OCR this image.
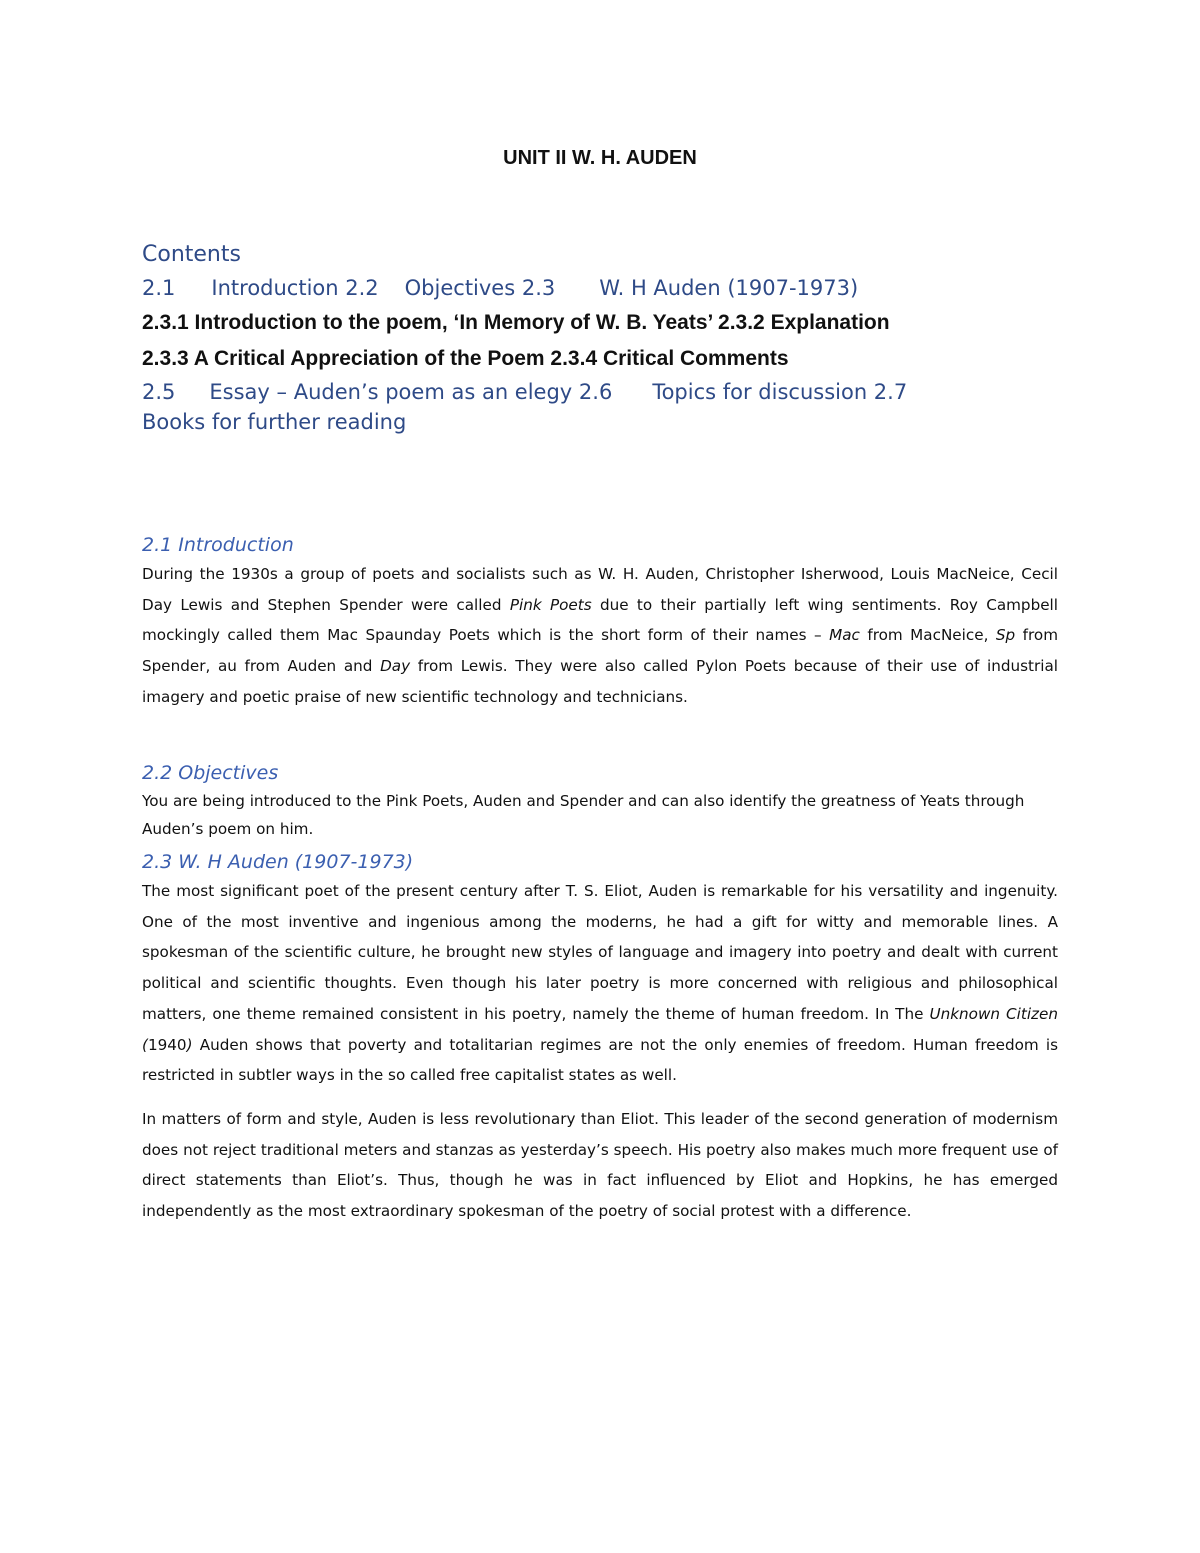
UNIT II W. H. AUDEN
Contents
2.1 Introduction 2.2 Objectives 2.3 W. H Auden (1907-1973)
2.3.1 Introduction to the poem, ‘In Memory of W. B. Yeats’ 2.3.2 Explanation
2.3.3 A Critical Appreciation of the Poem 2.3.4 Critical Comments
2.5 Essay – Auden’s poem as an elegy 2.6 Topics for discussion 2.7
Books for further reading
2.1 Introduction

During the 1930s a group of poets and socialists such as W. H. Auden, Christopher Isherwood, Louis MacNeice, Cecil Day Lewis and Stephen Spender were called Pink Poets due to their partially left wing sentiments. Roy Campbell mockingly called them Mac Spaunday Poets which is the short form of their names – Mac from MacNeice, Sp from Spender, au from Auden and Day from Lewis. They were also called Pylon Poets because of their use of industrial imagery and poetic praise of new scientific technology and technicians.

2.2 Objectives

You are being introduced to the Pink Poets, Auden and Spender and can also identify the greatness of Yeats through Auden’s poem on him.

2.3 W. H Auden (1907-1973)

The most significant poet of the present century after T. S. Eliot, Auden is remarkable for his versatility and ingenuity. One of the most inventive and ingenious among the moderns, he had a gift for witty and memorable lines. A spokesman of the scientific culture, he brought new styles of language and imagery into poetry and dealt with current political and scientific thoughts. Even though his later poetry is more concerned with religious and philosophical matters, one theme remained consistent in his poetry, namely the theme of human freedom. In The Unknown Citizen (1940) Auden shows that poverty and totalitarian regimes are not the only enemies of freedom. Human freedom is restricted in subtler ways in the so called free capitalist states as well.

In matters of form and style, Auden is less revolutionary than Eliot. This leader of the second generation of modernism does not reject traditional meters and stanzas as yesterday’s speech. His poetry also makes much more frequent use of direct statements than Eliot’s. Thus, though he was in fact influenced by Eliot and Hopkins, he has emerged independently as the most extraordinary spokesman of the poetry of social protest with a difference.
